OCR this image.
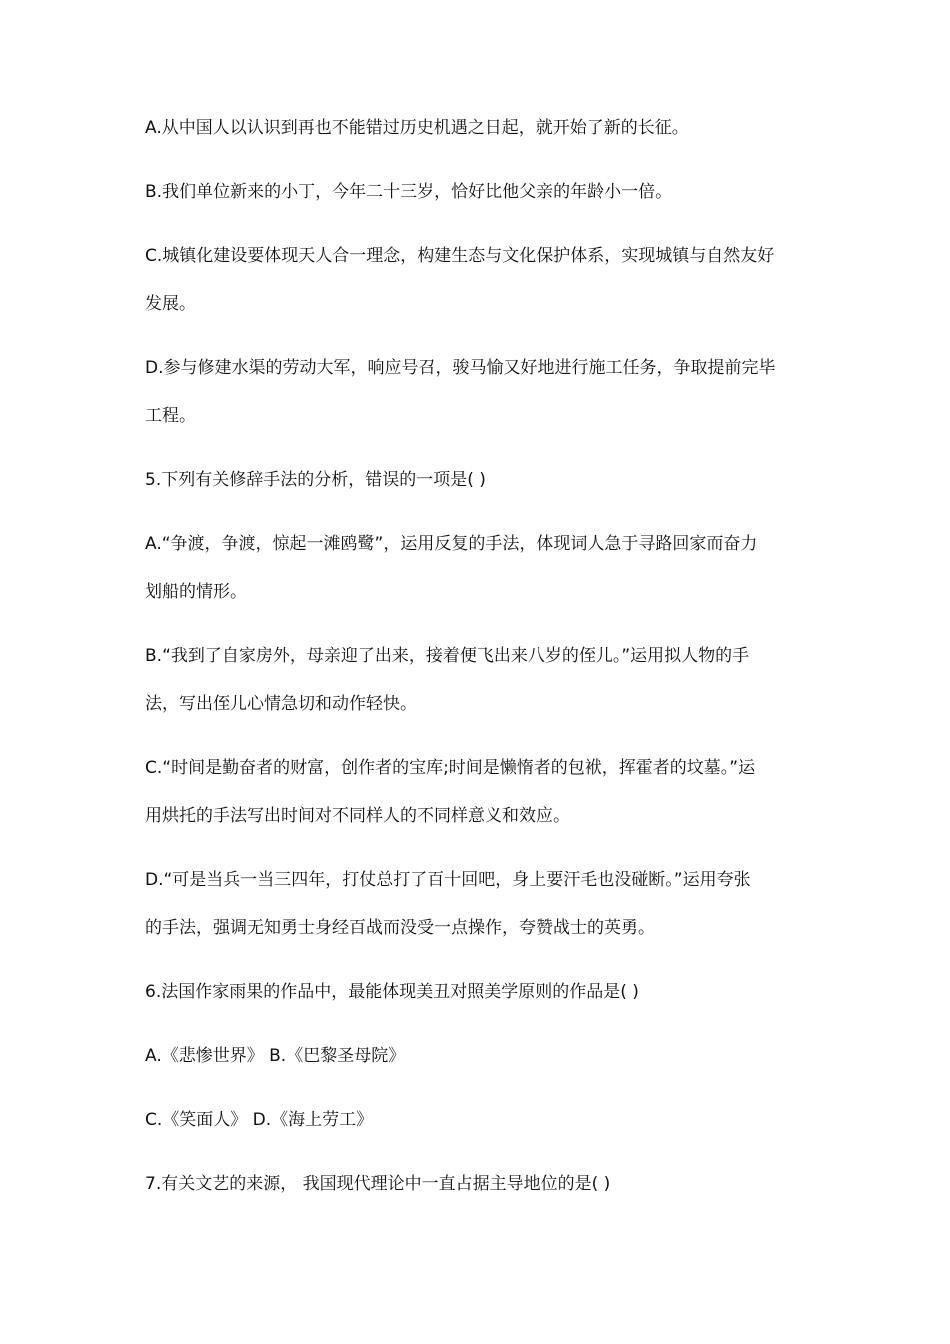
A.从中国人以认识到再也不能错过历史机遇之日起，就开始了新的长征。
B.我们单位新来的小丁，今年二十三岁，恰好比他父亲的年龄小一倍。
C.城镇化建设要体现天人合一理念，构建生态与文化保护体系，实现城镇与自然友好
发展。
D.参与修建水渠的劳动大军，响应号召，骏马愉又好地进行施工任务，争取提前完毕
工程。
5.下列有关修辞手法的分析，错误的一项是( )
A.“争渡，争渡，惊起一滩鸥鹭”，运用反复的手法，体现词人急于寻路回家而奋力
划船的情形。
B.“我到了自家房外，母亲迎了出来，接着便飞出来八岁的侄儿。”运用拟人物的手
法，写出侄儿心情急切和动作轻快。
C.“时间是勤奋者的财富，创作者的宝库;时间是懒惰者的包袱，挥霍者的坟墓。”运
用烘托的手法写出时间对不同样人的不同样意义和效应。
D.“可是当兵一当三四年，打仗总打了百十回吧，身上要汗毛也没碰断。”运用夸张
的手法，强调无知勇士身经百战而没受一点操作，夸赞战士的英勇。
6.法国作家雨果的作品中，最能体现美丑对照美学原则的作品是( )
A.《悲惨世界》 B.《巴黎圣母院》
C.《笑面人》 D.《海上劳工》
7.有关文艺的来源， 我国现代理论中一直占据主导地位的是( )
